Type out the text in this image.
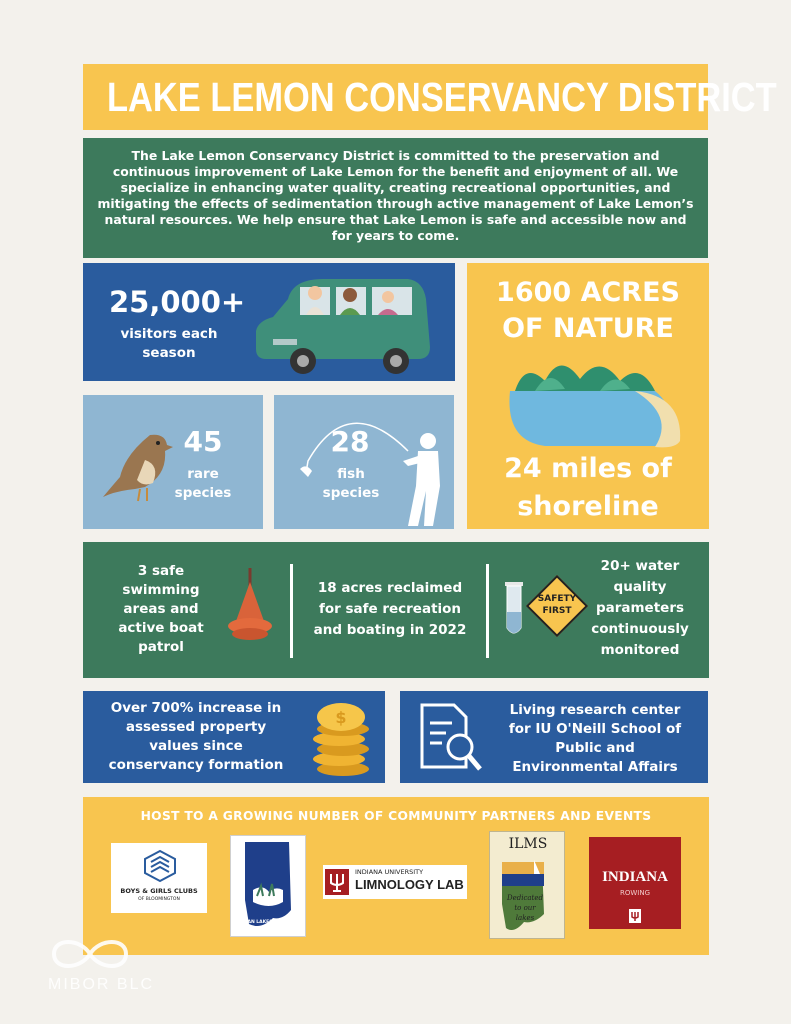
LAKE LEMON CONSERVANCY DISTRICT

The Lake Lemon Conservancy District is committed to the preservation and continuous improvement of Lake Lemon for the benefit and enjoyment of all. We specialize in enhancing water quality, creating recreational opportunities, and mitigating the effects of sedimentation through active management of Lake Lemon’s natural resources. We help ensure that Lake Lemon is safe and accessible now and for years to come.

25,000+
visitors each
season
1600 ACRES
OF NATURE
24 miles of
shoreline
45
rare
species
28
fish
species
3 safe
swimming
areas and
active boat
patrol
18 acres reclaimed
for safe recreation
and boating in 2022
SAFETY
FIRST
20+ water
quality
parameters
continuously
monitored
Over 700% increase in
assessed property
values since
conservancy formation
$	Living research center
for IU O'Neill School of
Public and
Environmental Affairs
HOST TO A GROWING NUMBER OF COMMUNITY PARTNERS AND EVENTS
BOYS & GIRLS CLUBS
OF BLOOMINGTON
CLEAN LAKES PROGRAM
INDIANA UNIVERSITY
LIMNOLOGY LAB
ILMS
Dedicated
to our
lakes
INDIANA
ROWING
MIBOR BLC
